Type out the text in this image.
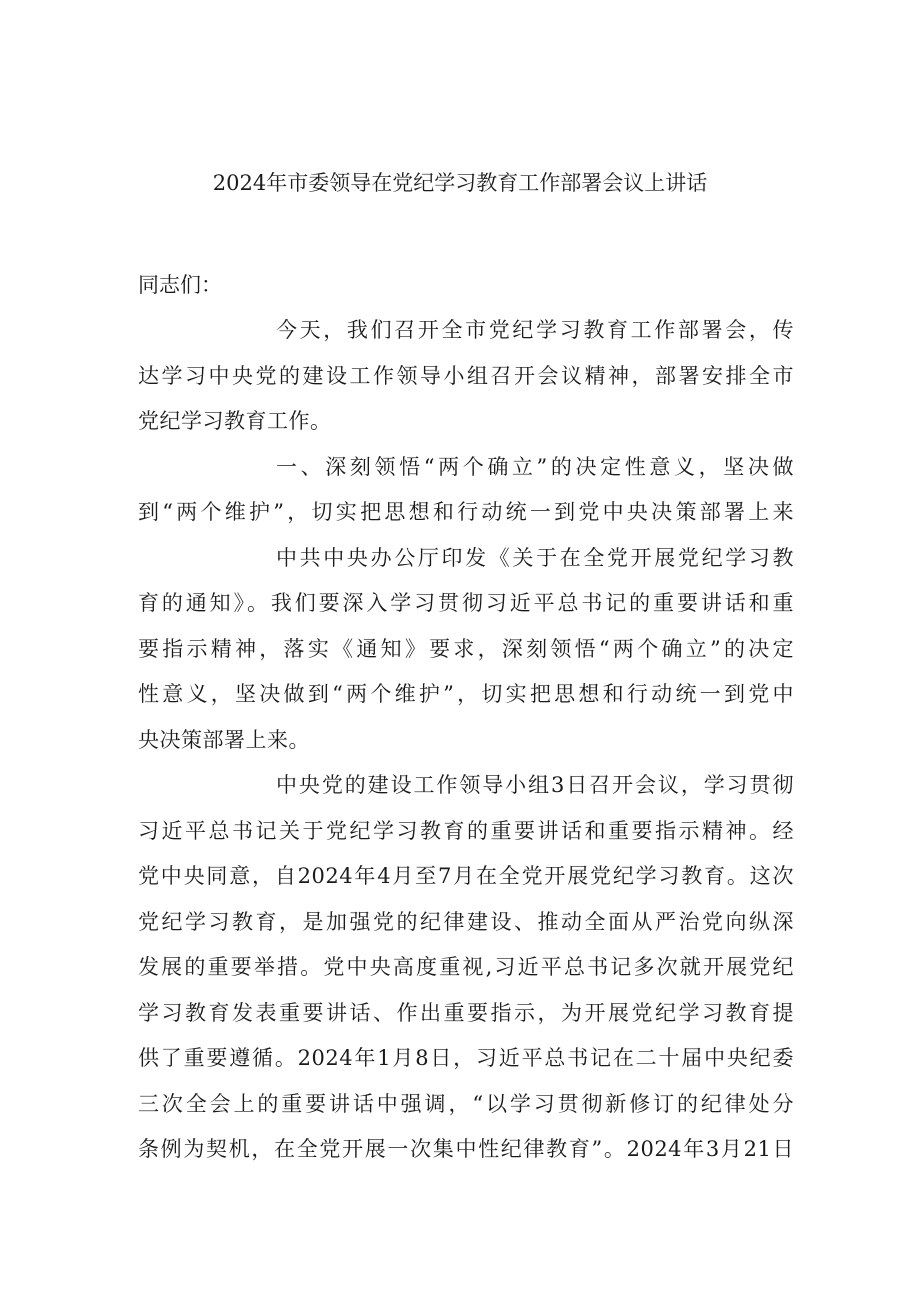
2024年市委领导在党纪学习教育工作部署会议上讲话

同志们：

今天，我们召开全市党纪学习教育工作部署会，传
达学习中央党的建设工作领导小组召开会议精神，部署安排全市
党纪学习教育工作。

一、深刻领悟“两个确立”的决定性意义，坚决做
到“两个维护”，切实把思想和行动统一到党中央决策部署上来

中共中央办公厅印发《关于在全党开展党纪学习教
育的通知》。我们要深入学习贯彻习近平总书记的重要讲话和重
要指示精神，落实《通知》要求，深刻领悟“两个确立”的决定
性意义，坚决做到“两个维护”，切实把思想和行动统一到党中
央决策部署上来。

中央党的建设工作领导小组3日召开会议，学习贯彻
习近平总书记关于党纪学习教育的重要讲话和重要指示精神。经
党中央同意，自2024年4月至7月在全党开展党纪学习教育。这次
党纪学习教育，是加强党的纪律建设、推动全面从严治党向纵深
发展的重要举措。党中央高度重视,习近平总书记多次就开展党纪
学习教育发表重要讲话、作出重要指示，为开展党纪学习教育提
供了重要遵循。2024年1月8日，习近平总书记在二十届中央纪委
三次全会上的重要讲话中强调，“以学习贯彻新修订的纪律处分
条例为契机，在全党开展一次集中性纪律教育”。2024年3月21日
